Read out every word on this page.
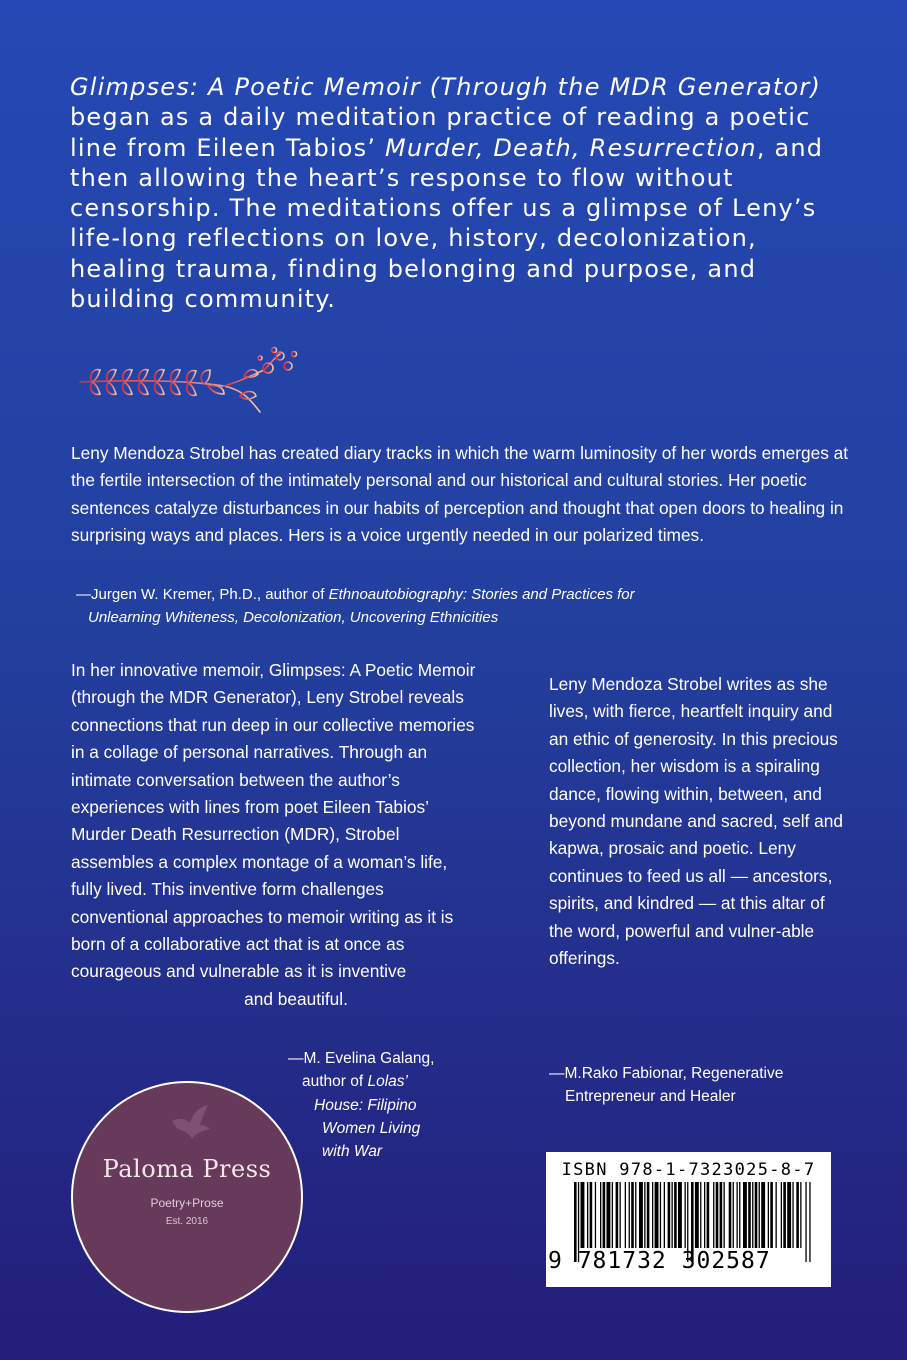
Glimpses: A Poetic Memoir (Through the MDR Generator) began as a daily meditation practice of reading a poetic line from Eileen Tabios’ Murder, Death, Resurrection, and then allowing the heart’s response to flow without censorship. The meditations offer us a glimpse of Leny’s life-long reflections on love, history, decolonization, healing trauma, finding belonging and purpose, and building community.

Leny Mendoza Strobel has created diary tracks in which the warm luminosity of her words emerges at the fertile intersection of the intimately personal and our historical and cultural stories. Her poetic sentences catalyze disturbances in our habits of perception and thought that open doors to healing in surprising ways and places. Hers is a voice urgently needed in our polarized times.

—Jurgen W. Kremer, Ph.D., author of Ethnoautobiography: Stories and Practices for
Unlearning Whiteness, Decolonization, Uncovering Ethnicities

In her innovative memoir, Glimpses: A Poetic Memoir (through the MDR Generator), Leny Strobel reveals connections that run deep in our collective memories in a collage of personal narratives. Through an intimate conversation between the author’s experiences with lines from poet Eileen Tabios’ Murder Death Resurrection (MDR), Strobel assembles a complex montage of a woman’s life, fully lived. This inventive form challenges conventional approaches to memoir writing as it is born of a collaborative act that is at once as courageous and vulnerable as it is inventive
and beautiful.

—M. Evelina Galang,
author of Lolas’
House: Filipino
Women Living
with War

Leny Mendoza Strobel writes as she lives, with fierce, heartfelt inquiry and an ethic of generosity. In this precious collection, her wisdom is a spiraling dance, flowing within, between, and beyond mundane and sacred, self and kapwa, prosaic and poetic. Leny continues to feed us all — ancestors, spirits, and kindred — at this altar of the word, powerful and vulner-able offerings.

—M.Rako Fabionar, Regenerative
Entrepreneur and Healer
Paloma Press
Poetry+Prose
Est. 2016
ISBN 978-1-7323025-8-7
9 781732 302587
